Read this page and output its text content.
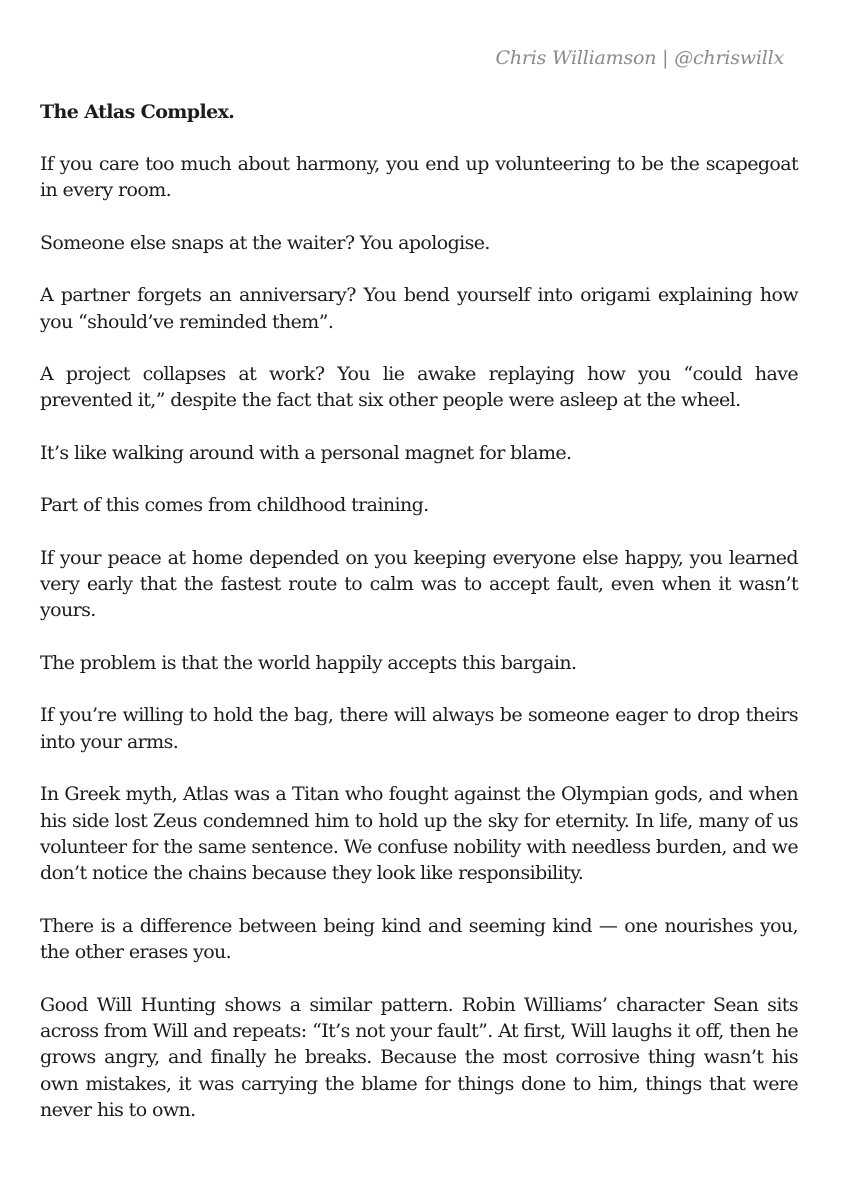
Chris Williamson | @chriswillx

The Atlas Complex.

If you care too much about harmony, you end up volunteering to be the scapegoat in every room.

Someone else snaps at the waiter? You apologise.

A partner forgets an anniversary? You bend yourself into origami explaining how you “should’ve reminded them”.

A project collapses at work? You lie awake replaying how you “could have prevented it,” despite the fact that six other people were asleep at the wheel.

It’s like walking around with a personal magnet for blame.

Part of this comes from childhood training.

If your peace at home depended on you keeping everyone else happy, you learned very early that the fastest route to calm was to accept fault, even when it wasn’t yours.

The problem is that the world happily accepts this bargain.

If you’re willing to hold the bag, there will always be someone eager to drop theirs into your arms.

In Greek myth, Atlas was a Titan who fought against the Olympian gods, and when his side lost Zeus condemned him to hold up the sky for eternity. In life, many of us volunteer for the same sentence. We confuse nobility with needless burden, and we don’t notice the chains because they look like responsibility.

There is a difference between being kind and seeming kind — one nourishes you, the other erases you.

Good Will Hunting shows a similar pattern. Robin Williams’ character Sean sits across from Will and repeats: “It’s not your fault”. At first, Will laughs it off, then he grows angry, and finally he breaks. Because the most corrosive thing wasn’t his own mistakes, it was carrying the blame for things done to him, things that were never his to own.
